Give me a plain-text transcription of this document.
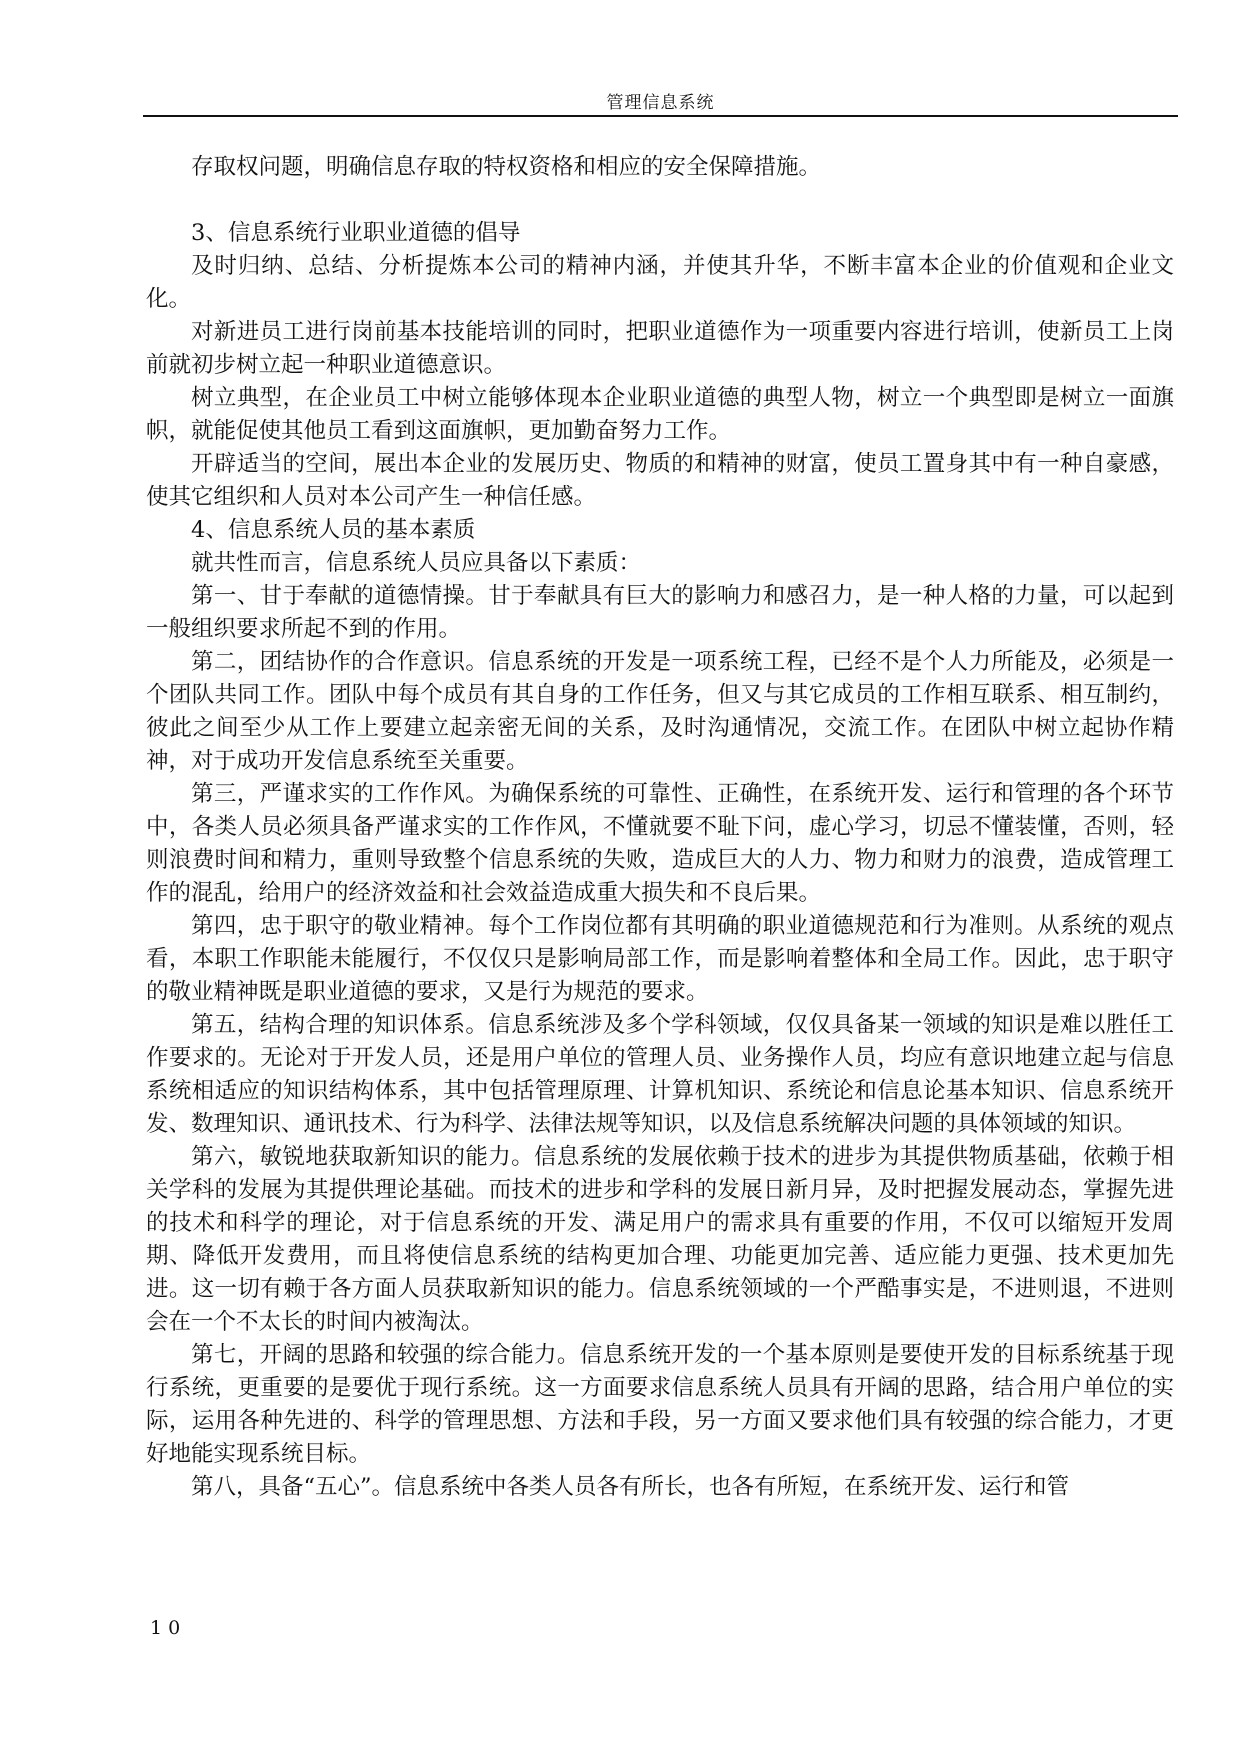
管理信息系统

存取权问题，明确信息存取的特权资格和相应的安全保障措施。

3、信息系统行业职业道德的倡导

及时归纳、总结、分析提炼本公司的精神内涵，并使其升华，不断丰富本企业的价值观和企业文化。

对新进员工进行岗前基本技能培训的同时，把职业道德作为一项重要内容进行培训，使新员工上岗前就初步树立起一种职业道德意识。

树立典型，在企业员工中树立能够体现本企业职业道德的典型人物，树立一个典型即是树立一面旗帜，就能促使其他员工看到这面旗帜，更加勤奋努力工作。

开辟适当的空间，展出本企业的发展历史、物质的和精神的财富，使员工置身其中有一种自豪感，使其它组织和人员对本公司产生一种信任感。

4、信息系统人员的基本素质

就共性而言，信息系统人员应具备以下素质：

第一、甘于奉献的道德情操。甘于奉献具有巨大的影响力和感召力，是一种人格的力量，可以起到一般组织要求所起不到的作用。

第二，团结协作的合作意识。信息系统的开发是一项系统工程，已经不是个人力所能及，必须是一个团队共同工作。团队中每个成员有其自身的工作任务，但又与其它成员的工作相互联系、相互制约，彼此之间至少从工作上要建立起亲密无间的关系，及时沟通情况，交流工作。在团队中树立起协作精神，对于成功开发信息系统至关重要。

第三，严谨求实的工作作风。为确保系统的可靠性、正确性，在系统开发、运行和管理的各个环节中，各类人员必须具备严谨求实的工作作风，不懂就要不耻下问，虚心学习，切忌不懂装懂，否则，轻则浪费时间和精力，重则导致整个信息系统的失败，造成巨大的人力、物力和财力的浪费，造成管理工作的混乱，给用户的经济效益和社会效益造成重大损失和不良后果。

第四，忠于职守的敬业精神。每个工作岗位都有其明确的职业道德规范和行为准则。从系统的观点看，本职工作职能未能履行，不仅仅只是影响局部工作，而是影响着整体和全局工作。因此，忠于职守的敬业精神既是职业道德的要求，又是行为规范的要求。

第五，结构合理的知识体系。信息系统涉及多个学科领域，仅仅具备某一领域的知识是难以胜任工作要求的。无论对于开发人员，还是用户单位的管理人员、业务操作人员，均应有意识地建立起与信息系统相适应的知识结构体系，其中包括管理原理、计算机知识、系统论和信息论基本知识、信息系统开发、数理知识、通讯技术、行为科学、法律法规等知识，以及信息系统解决问题的具体领域的知识。

第六，敏锐地获取新知识的能力。信息系统的发展依赖于技术的进步为其提供物质基础，依赖于相关学科的发展为其提供理论基础。而技术的进步和学科的发展日新月异，及时把握发展动态，掌握先进的技术和科学的理论，对于信息系统的开发、满足用户的需求具有重要的作用，不仅可以缩短开发周期、降低开发费用，而且将使信息系统的结构更加合理、功能更加完善、适应能力更强、技术更加先进。这一切有赖于各方面人员获取新知识的能力。信息系统领域的一个严酷事实是，不进则退，不进则会在一个不太长的时间内被淘汰。

第七，开阔的思路和较强的综合能力。信息系统开发的一个基本原则是要使开发的目标系统基于现行系统，更重要的是要优于现行系统。这一方面要求信息系统人员具有开阔的思路，结合用户单位的实际，运用各种先进的、科学的管理思想、方法和手段，另一方面又要求他们具有较强的综合能力，才更好地能实现系统目标。

第八，具备“五心”。信息系统中各类人员各有所长，也各有所短，在系统开发、运行和管

10
